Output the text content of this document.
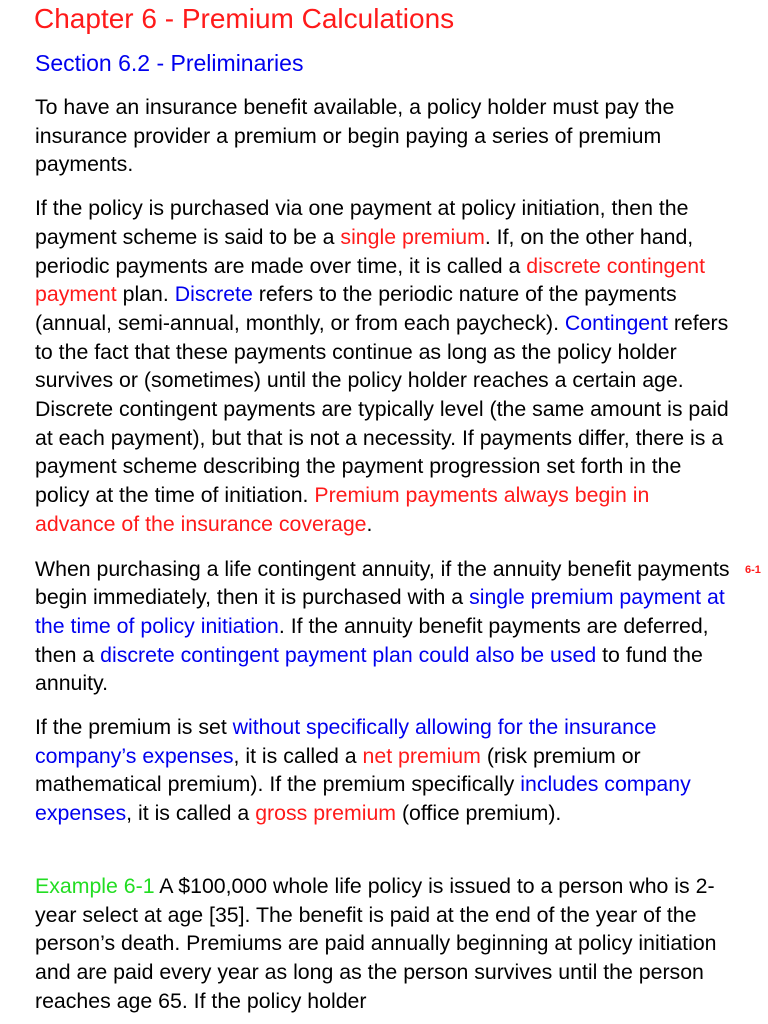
Chapter 6 - Premium Calculations
Section 6.2 - Preliminaries

To have an insurance benefit available, a policy holder must pay the insurance provider a premium or begin paying a series of premium payments.

If the policy is purchased via one payment at policy initiation, then the payment scheme is said to be a single premium. If, on the other hand, periodic payments are made over time, it is called a discrete contingent payment plan. Discrete refers to the periodic nature of the payments (annual, semi-annual, monthly, or from each paycheck). Contingent refers to the fact that these payments continue as long as the policy holder survives or (sometimes) until the policy holder reaches a certain age. Discrete contingent payments are typically level (the same amount is paid at each payment), but that is not a necessity. If payments differ, there is a payment scheme describing the payment progression set forth in the policy at the time of initiation. Premium payments always begin in advance of the insurance coverage.

When purchasing a life contingent annuity, if the annuity benefit payments begin immediately, then it is purchased with a single premium payment at the time of policy initiation. If the annuity benefit payments are deferred, then a discrete contingent payment plan could also be used to fund the annuity.

If the premium is set without specifically allowing for the insurance company’s expenses, it is called a net premium (risk premium or mathematical premium). If the premium specifically includes company expenses, it is called a gross premium (office premium).

Example 6-1 A $100,000 whole life policy is issued to a person who is 2-year select at age [35]. The benefit is paid at the end of the year of the person’s death. Premiums are paid annually beginning at policy initiation and are paid every year as long as the person survives until the person reaches age 65. If the policy holder

6-1
